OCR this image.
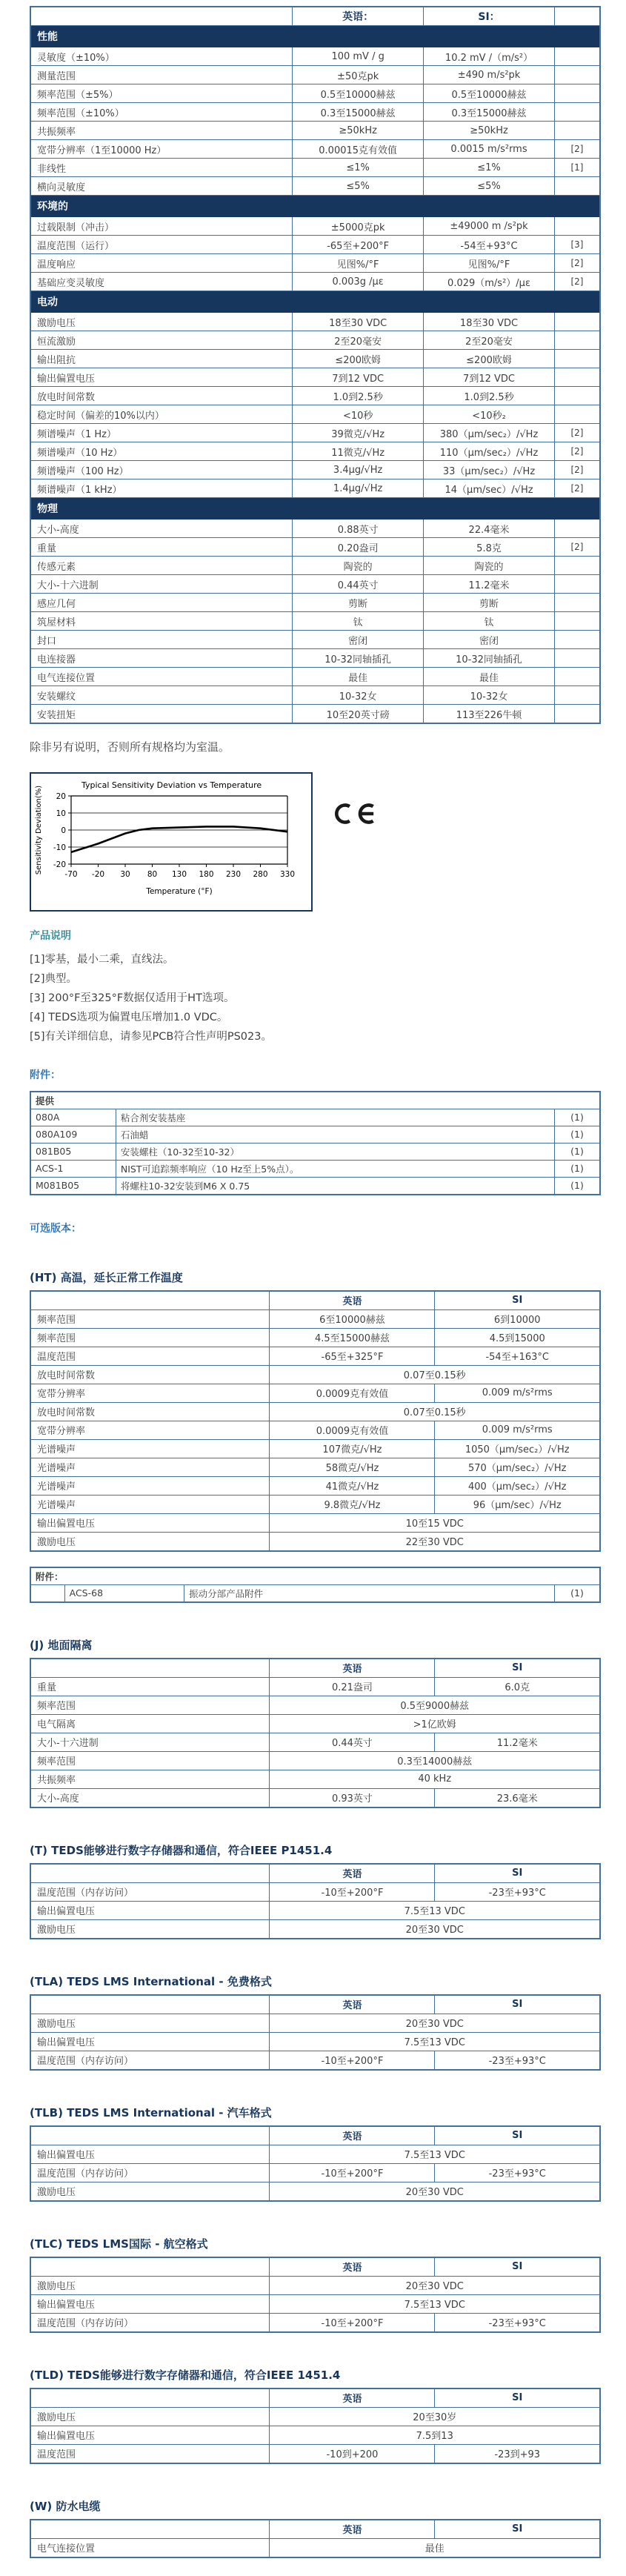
	英语：	SI：	
性能			
灵敏度（±10%）	100 mV / g	10.2 mV /（m/s²）	
测量范围	±50克pk	±490 m/s²pk	
频率范围（±5%）	0.5至10000赫兹	0.5至10000赫兹	
频率范围（±10%）	0.3至15000赫兹	0.3至15000赫兹	
共振频率	≥50kHz	≥50kHz	
宽带分辨率（1至10000 Hz）	0.00015克有效值	0.0015 m/s²rms	[2]
非线性	≤1%	≤1%	[1]
横向灵敏度	≤5%	≤5%	
环境的			
过载限制（冲击）	±5000克pk	±49000 m /s²pk	
温度范围（运行）	-65至+200°F	-54至+93°C	[3]
温度响应	见图%/°F	见图%/°F	[2]
基础应变灵敏度	0.003g /με	0.029（m/s²）/με	[2]
电动			
激励电压	18至30 VDC	18至30 VDC	
恒流激励	2至20毫安	2至20毫安	
输出阻抗	≤200欧姆	≤200欧姆	
输出偏置电压	7到12 VDC	7到12 VDC	
放电时间常数	1.0到2.5秒	1.0到2.5秒	
稳定时间（偏差的10%以内）	<10秒	<10秒₂	
频谱噪声（1 Hz）	39微克/√Hz	380（μm/sec₂）/√Hz	[2]
频谱噪声（10 Hz）	11微克/√Hz	110（μm/sec₂）/√Hz	[2]
频谱噪声（100 Hz）	3.4μg/√Hz	33（μm/sec₂）/√Hz	[2]
频谱噪声（1 kHz）	1.4μg/√Hz	14（μm/sec）/√Hz	[2]
物理			
大小-高度	0.88英寸	22.4毫米	
重量	0.20盎司	5.8克	[2]
传感元素	陶瓷的	陶瓷的	
大小-十六进制	0.44英寸	11.2毫米	
感应几何	剪断	剪断	
筑屋材料	钛	钛	
封口	密闭	密闭	
电连接器	10-32同轴插孔	10-32同轴插孔	
电气连接位置	最佳	最佳	
安装螺纹	10-32女	10-32女	
安装扭矩	10至20英寸磅	113至226牛顿	
除非另有说明，否则所有规格均为室温。
Typical Sensitivity Deviation vs Temperature
20
10
0
-10
-20
-70 -20 30 80 130 180 230 280 330
Temperature (°F)
Sensitivity Deviation(%)
产品说明
[1]零基，最小二乘，直线法。
[2]典型。
[3] 200°F至325°F数据仅适用于HT选项。
[4] TEDS选项为偏置电压增加1.0 VDC。
[5]有关详细信息，请参见PCB符合性声明PS023。
附件：
提供		
080A	粘合剂安装基座	(1)
080A109	石油蜡	(1)
081B05	安装螺柱（10-32至10-32）	(1)
ACS-1	NIST可追踪频率响应（10 Hz至上5%点）。	(1)
M081B05	将螺柱10-32安装到M6 X 0.75	(1)
可选版本：
(HT) 高温，延长正常工作温度
	英语	SI
频率范围	6至10000赫兹	6到10000
频率范围	4.5至15000赫兹	4.5到15000
温度范围	-65至+325°F	-54至+163°C
放电时间常数	0.07至0.15秒	
宽带分辨率	0.0009克有效值	0.009 m/s²rms
放电时间常数	0.07至0.15秒	
宽带分辨率	0.0009克有效值	0.009 m/s²rms
光谱噪声	107微克/√Hz	1050（μm/sec₂）/√Hz
光谱噪声	58微克/√Hz	570（μm/sec₂）/√Hz
光谱噪声	41微克/√Hz	400（μm/sec₂）/√Hz
光谱噪声	9.8微克/√Hz	96（μm/sec）/√Hz
输出偏置电压	10至15 VDC	
激励电压	22至30 VDC	
附件：
	ACS-68	振动分部产品附件	(1)
(J) 地面隔离
	英语	SI
重量	0.21盎司	6.0克
频率范围	0.5至9000赫兹	
电气隔离	>1亿欧姆	
大小-十六进制	0.44英寸	11.2毫米
频率范围	0.3至14000赫兹	
共振频率	40 kHz	
大小-高度	0.93英寸	23.6毫米
(T) TEDS能够进行数字存储器和通信，符合IEEE P1451.4
	英语	SI
温度范围（内存访问）	-10至+200°F	-23至+93°C
输出偏置电压	7.5至13 VDC	
激励电压	20至30 VDC	
(TLA) TEDS LMS International - 免费格式
	英语	SI
激励电压	20至30 VDC	
输出偏置电压	7.5至13 VDC	
温度范围（内存访问）	-10至+200°F	-23至+93°C
(TLB) TEDS LMS International - 汽车格式
	英语	SI
输出偏置电压	7.5至13 VDC	
温度范围（内存访问）	-10至+200°F	-23至+93°C
激励电压	20至30 VDC	
(TLC) TEDS LMS国际 - 航空格式
	英语	SI
激励电压	20至30 VDC	
输出偏置电压	7.5至13 VDC	
温度范围（内存访问）	-10至+200°F	-23至+93°C
(TLD) TEDS能够进行数字存储器和通信，符合IEEE 1451.4
	英语	SI
激励电压	20至30岁	
输出偏置电压	7.5到13	
温度范围	-10到+200	-23到+93
(W) 防水电缆
	英语	SI
电气连接位置	最佳	
